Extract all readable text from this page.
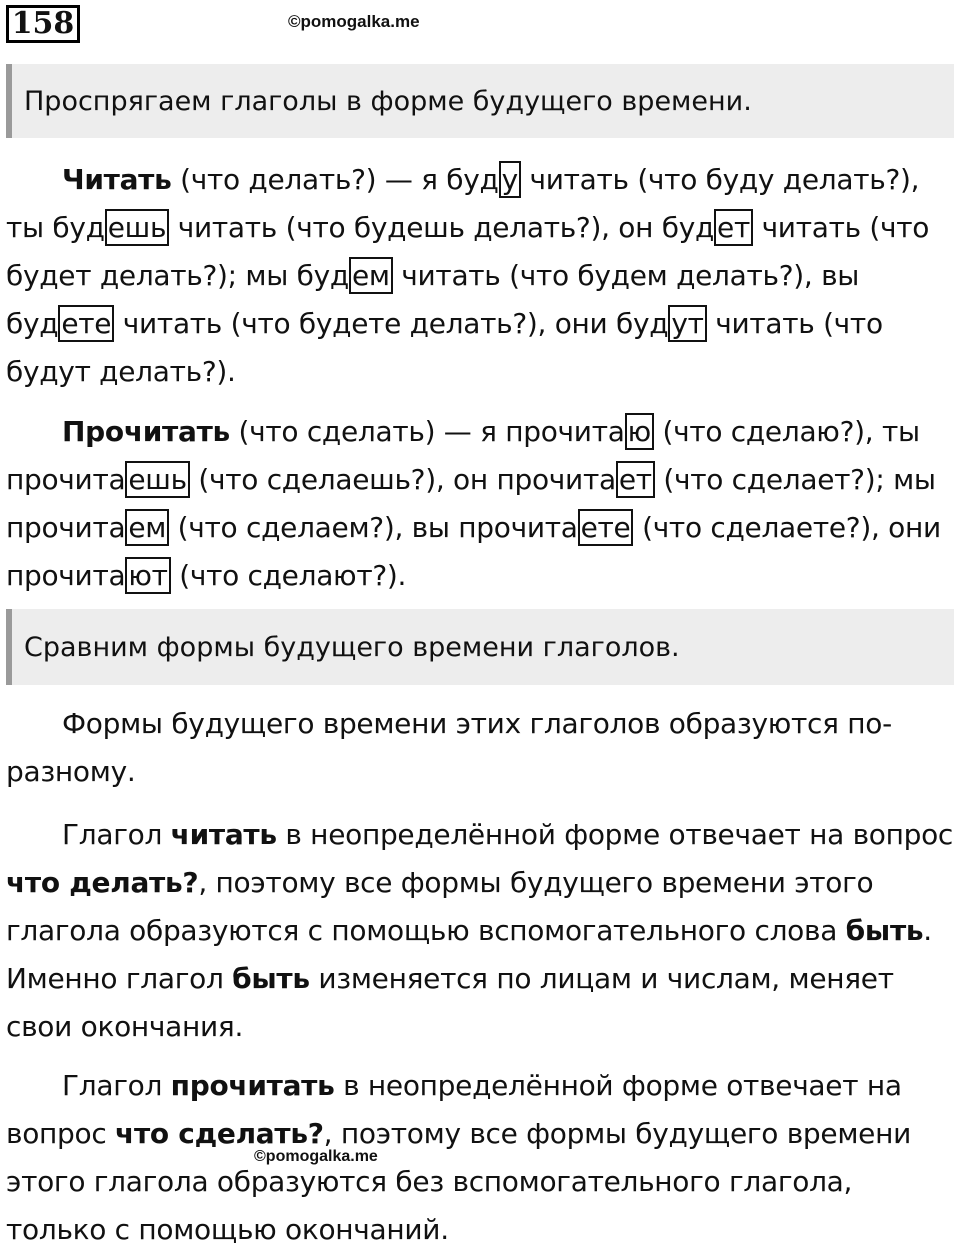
158	©pomogalka.me
Проспрягаем глаголы в форме будущего времени.

Читать (что делать?) — я буд у читать (что буду делать?), ты буд ешь читать (что будешь делать?), он буд ет читать (что будет делать?); мы буд ем читать (что будем делать?), вы буд ете читать (что будете делать?), они буд ут читать (что будут делать?).

Прочитать (что сделать) — я прочита ю (что сделаю?), ты прочита ешь (что сделаешь?), он прочита ет (что сделает?); мы прочита ем (что сделаем?), вы прочита ете (что сделаете?), они прочита ют (что сделают?).

Сравним формы будущего времени глаголов.

Формы будущего времени этих глаголов образуются по-разному.

Глагол читать в неопределённой форме отвечает на вопрос что делать?, поэтому все формы будущего времени этого глагола образуются с помощью вспомогательного слова быть. Именно глагол быть изменяется по лицам и числам, меняет свои окончания.

Глагол прочитать в неопределённой форме отвечает на вопрос что сделать?, поэтому все формы будущего времени этого глагола образуются без вспомогательного глагола, только с помощью окончаний.

©pomogalka.me
